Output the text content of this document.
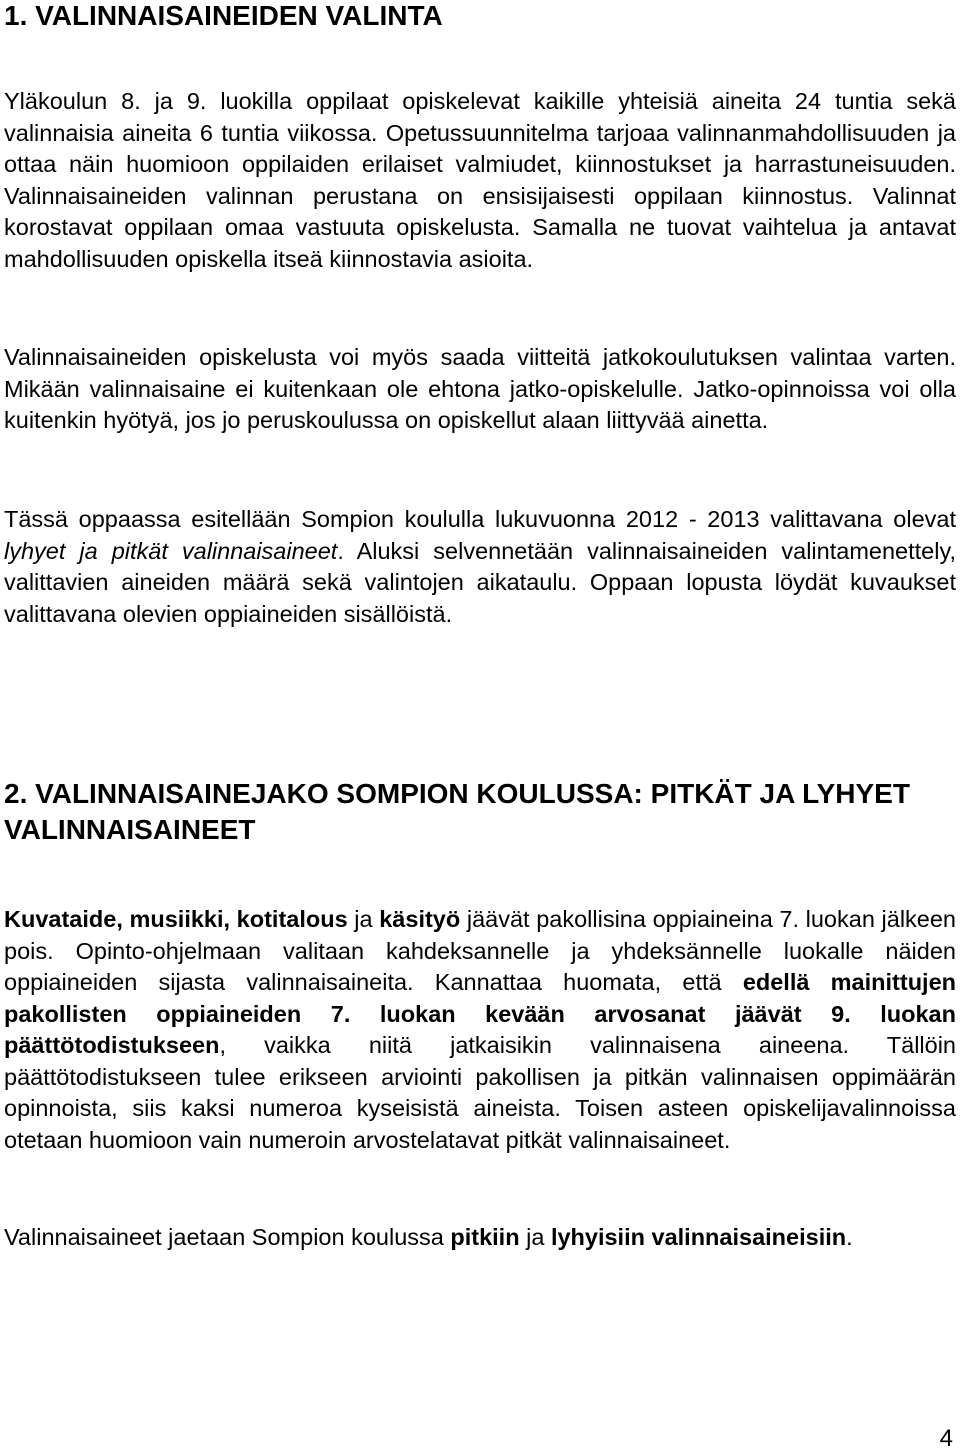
1. VALINNAISAINEIDEN VALINTA

Yläkoulun 8. ja 9. luokilla oppilaat opiskelevat kaikille yhteisiä aineita 24 tuntia sekä valinnaisia aineita 6 tuntia viikossa. Opetussuunnitelma tarjoaa valinnanmahdollisuuden ja ottaa näin huomioon oppilaiden erilaiset valmiudet, kiinnostukset ja harrastuneisuuden. Valinnaisaineiden valinnan perustana on ensisijaisesti oppilaan kiinnostus. Valinnat korostavat oppilaan omaa vastuuta opiskelusta. Samalla ne tuovat vaihtelua ja antavat mahdollisuuden opiskella itseä kiinnostavia asioita.

Valinnaisaineiden opiskelusta voi myös saada viitteitä jatkokoulutuksen valintaa varten. Mikään valinnaisaine ei kuitenkaan ole ehtona jatko-opiskelulle. Jatko-opinnoissa voi olla kuitenkin hyötyä, jos jo peruskoulussa on opiskellut alaan liittyvää ainetta.

Tässä oppaassa esitellään Sompion koululla lukuvuonna 2012 - 2013 valittavana olevat lyhyet ja pitkät valinnaisaineet. Aluksi selvennetään valinnaisaineiden valintamenettely, valittavien aineiden määrä sekä valintojen aikataulu. Oppaan lopusta löydät kuvaukset valittavana olevien oppiaineiden sisällöistä.

2. VALINNAISAINEJAKO SOMPION KOULUSSA: PITKÄT JA LYHYET VALINNAISAINEET

Kuvataide, musiikki, kotitalous ja käsityö jäävät pakollisina oppiaineina 7. luokan jälkeen pois. Opinto-ohjelmaan valitaan kahdeksannelle ja yhdeksännelle luokalle näiden oppiaineiden sijasta valinnaisaineita. Kannattaa huomata, että edellä mainittujen pakollisten oppiaineiden 7. luokan kevään arvosanat jäävät 9. luokan päättötodistukseen, vaikka niitä jatkaisikin valinnaisena aineena. Tällöin päättötodistukseen tulee erikseen arviointi pakollisen ja pitkän valinnaisen oppimäärän opinnoista, siis kaksi numeroa kyseisistä aineista. Toisen asteen opiskelijavalinnoissa otetaan huomioon vain numeroin arvostelatavat pitkät valinnaisaineet.

Valinnaisaineet jaetaan Sompion koulussa pitkiin ja lyhyisiin valinnaisaineisiin.

4
